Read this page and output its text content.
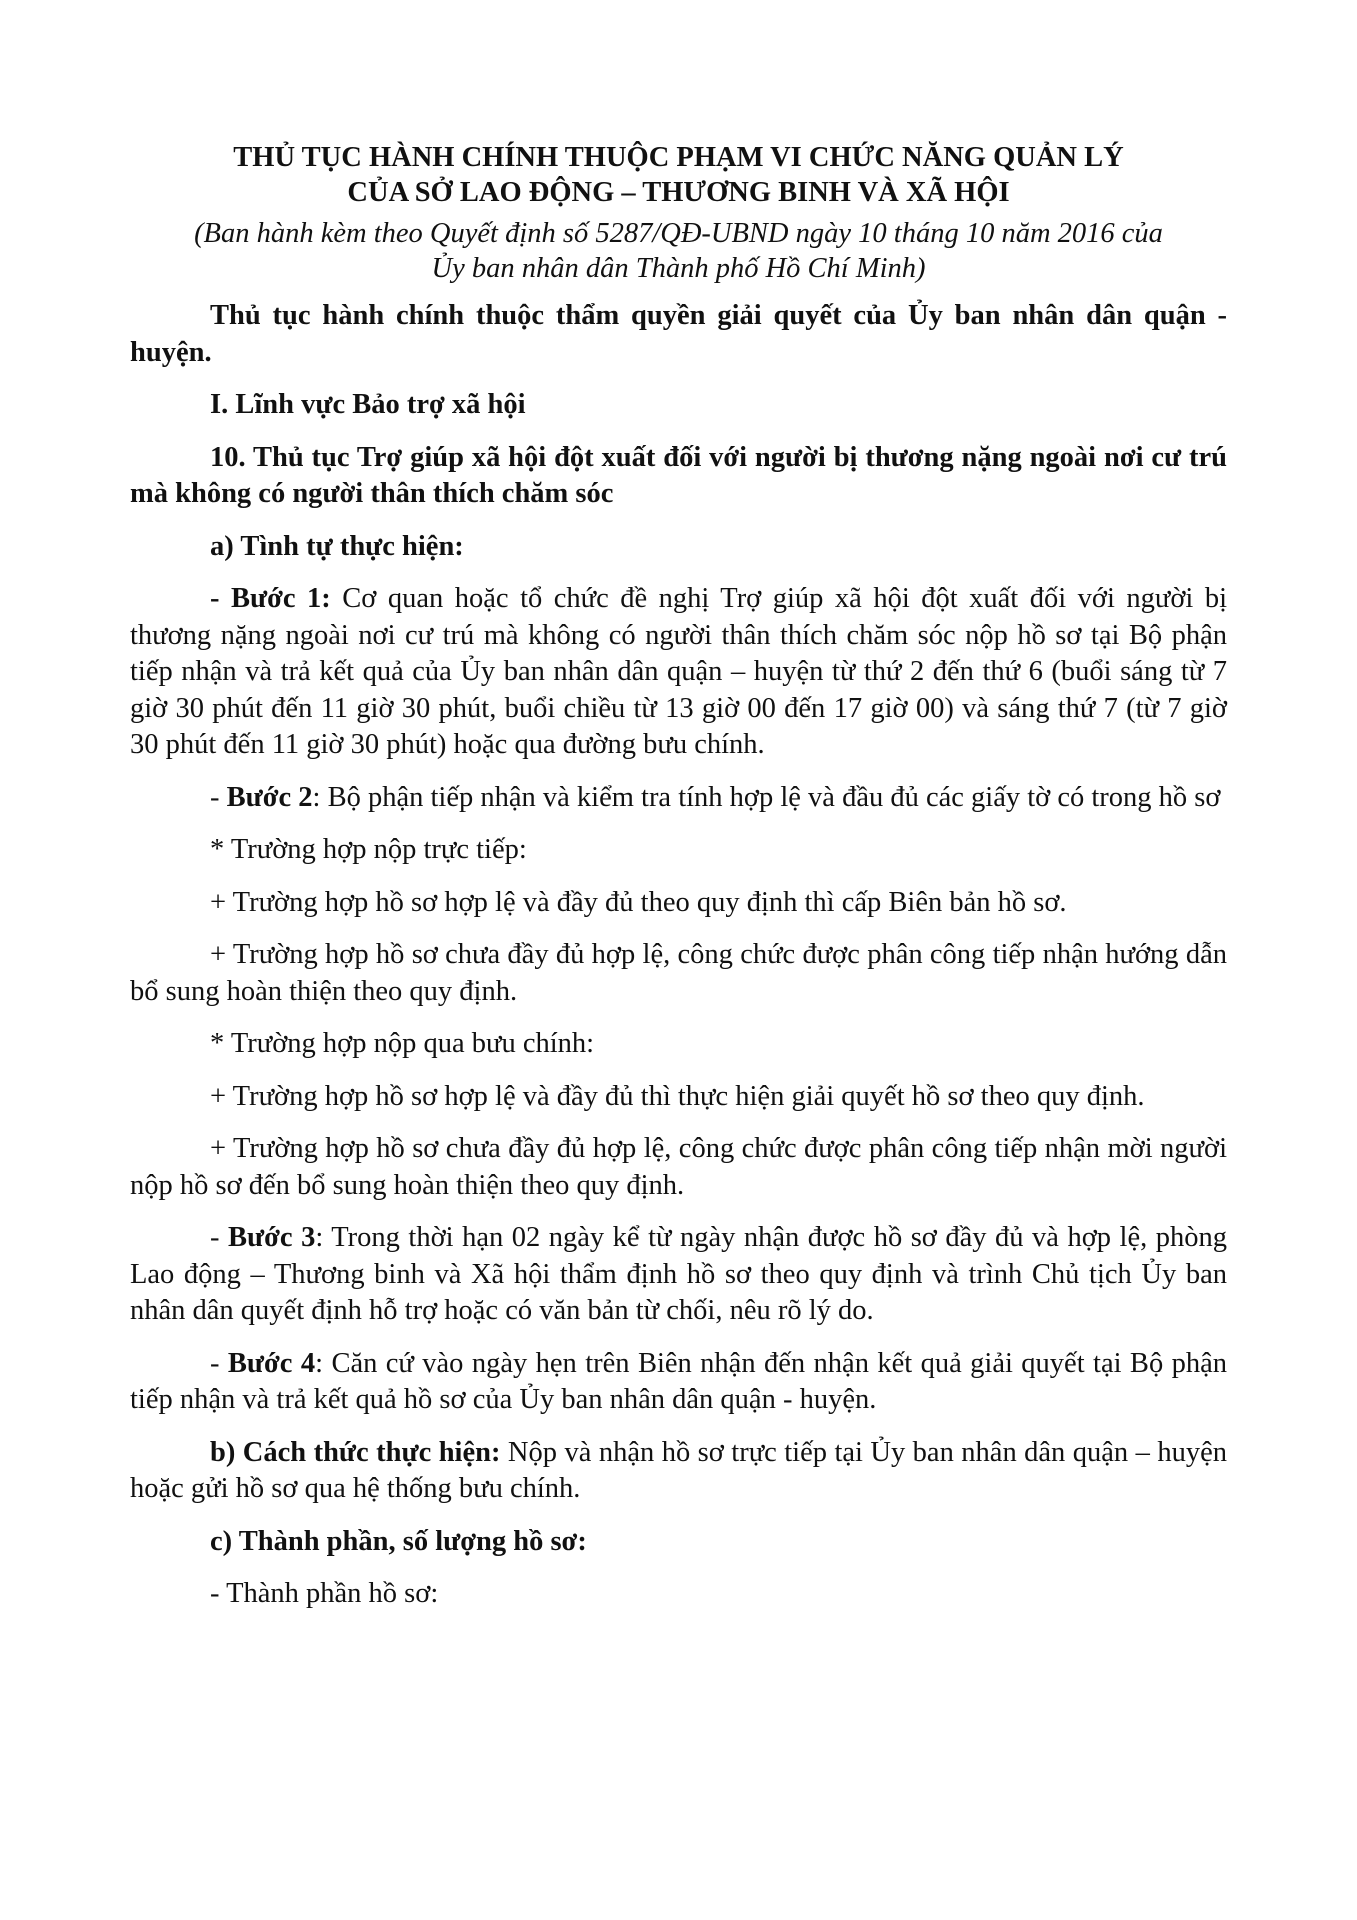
THỦ TỤC HÀNH CHÍNH THUỘC PHẠM VI CHỨC NĂNG QUẢN LÝ
CỦA SỞ LAO ĐỘNG – THƯƠNG BINH VÀ XÃ HỘI
(Ban hành kèm theo Quyết định số 5287/QĐ-UBND ngày 10 tháng 10 năm 2016 của
Ủy ban nhân dân Thành phố Hồ Chí Minh)

Thủ tục hành chính thuộc thẩm quyền giải quyết của Ủy ban nhân dân quận - huyện.

I. Lĩnh vực Bảo trợ xã hội

10. Thủ tục Trợ giúp xã hội đột xuất đối với người bị thương nặng ngoài nơi cư trú mà không có người thân thích chăm sóc

a) Tình tự thực hiện:

- Bước 1: Cơ quan hoặc tổ chức đề nghị Trợ giúp xã hội đột xuất đối với người bị thương nặng ngoài nơi cư trú mà không có người thân thích chăm sóc nộp hồ sơ tại Bộ phận tiếp nhận và trả kết quả của Ủy ban nhân dân quận – huyện từ thứ 2 đến thứ 6 (buổi sáng từ 7 giờ 30 phút đến 11 giờ 30 phút, buổi chiều từ 13 giờ 00 đến 17 giờ 00) và sáng thứ 7 (từ 7 giờ 30 phút đến 11 giờ 30 phút) hoặc qua đường bưu chính.

- Bước 2: Bộ phận tiếp nhận và kiểm tra tính hợp lệ và đầu đủ các giấy tờ có trong hồ sơ

* Trường hợp nộp trực tiếp:

+ Trường hợp hồ sơ hợp lệ và đầy đủ theo quy định thì cấp Biên bản hồ sơ.

+ Trường hợp hồ sơ chưa đầy đủ hợp lệ, công chức được phân công tiếp nhận hướng dẫn bổ sung hoàn thiện theo quy định.

* Trường hợp nộp qua bưu chính:

+ Trường hợp hồ sơ hợp lệ và đầy đủ thì thực hiện giải quyết hồ sơ theo quy định.

+ Trường hợp hồ sơ chưa đầy đủ hợp lệ, công chức được phân công tiếp nhận mời người nộp hồ sơ đến bổ sung hoàn thiện theo quy định.

- Bước 3: Trong thời hạn 02 ngày kể từ ngày nhận được hồ sơ đầy đủ và hợp lệ, phòng Lao động – Thương binh và Xã hội thẩm định hồ sơ theo quy định và trình Chủ tịch Ủy ban nhân dân quyết định hỗ trợ hoặc có văn bản từ chối, nêu rõ lý do.

- Bước 4: Căn cứ vào ngày hẹn trên Biên nhận đến nhận kết quả giải quyết tại Bộ phận tiếp nhận và trả kết quả hồ sơ của Ủy ban nhân dân quận - huyện.

b) Cách thức thực hiện: Nộp và nhận hồ sơ trực tiếp tại Ủy ban nhân dân quận – huyện hoặc gửi hồ sơ qua hệ thống bưu chính.

c) Thành phần, số lượng hồ sơ:

- Thành phần hồ sơ:
